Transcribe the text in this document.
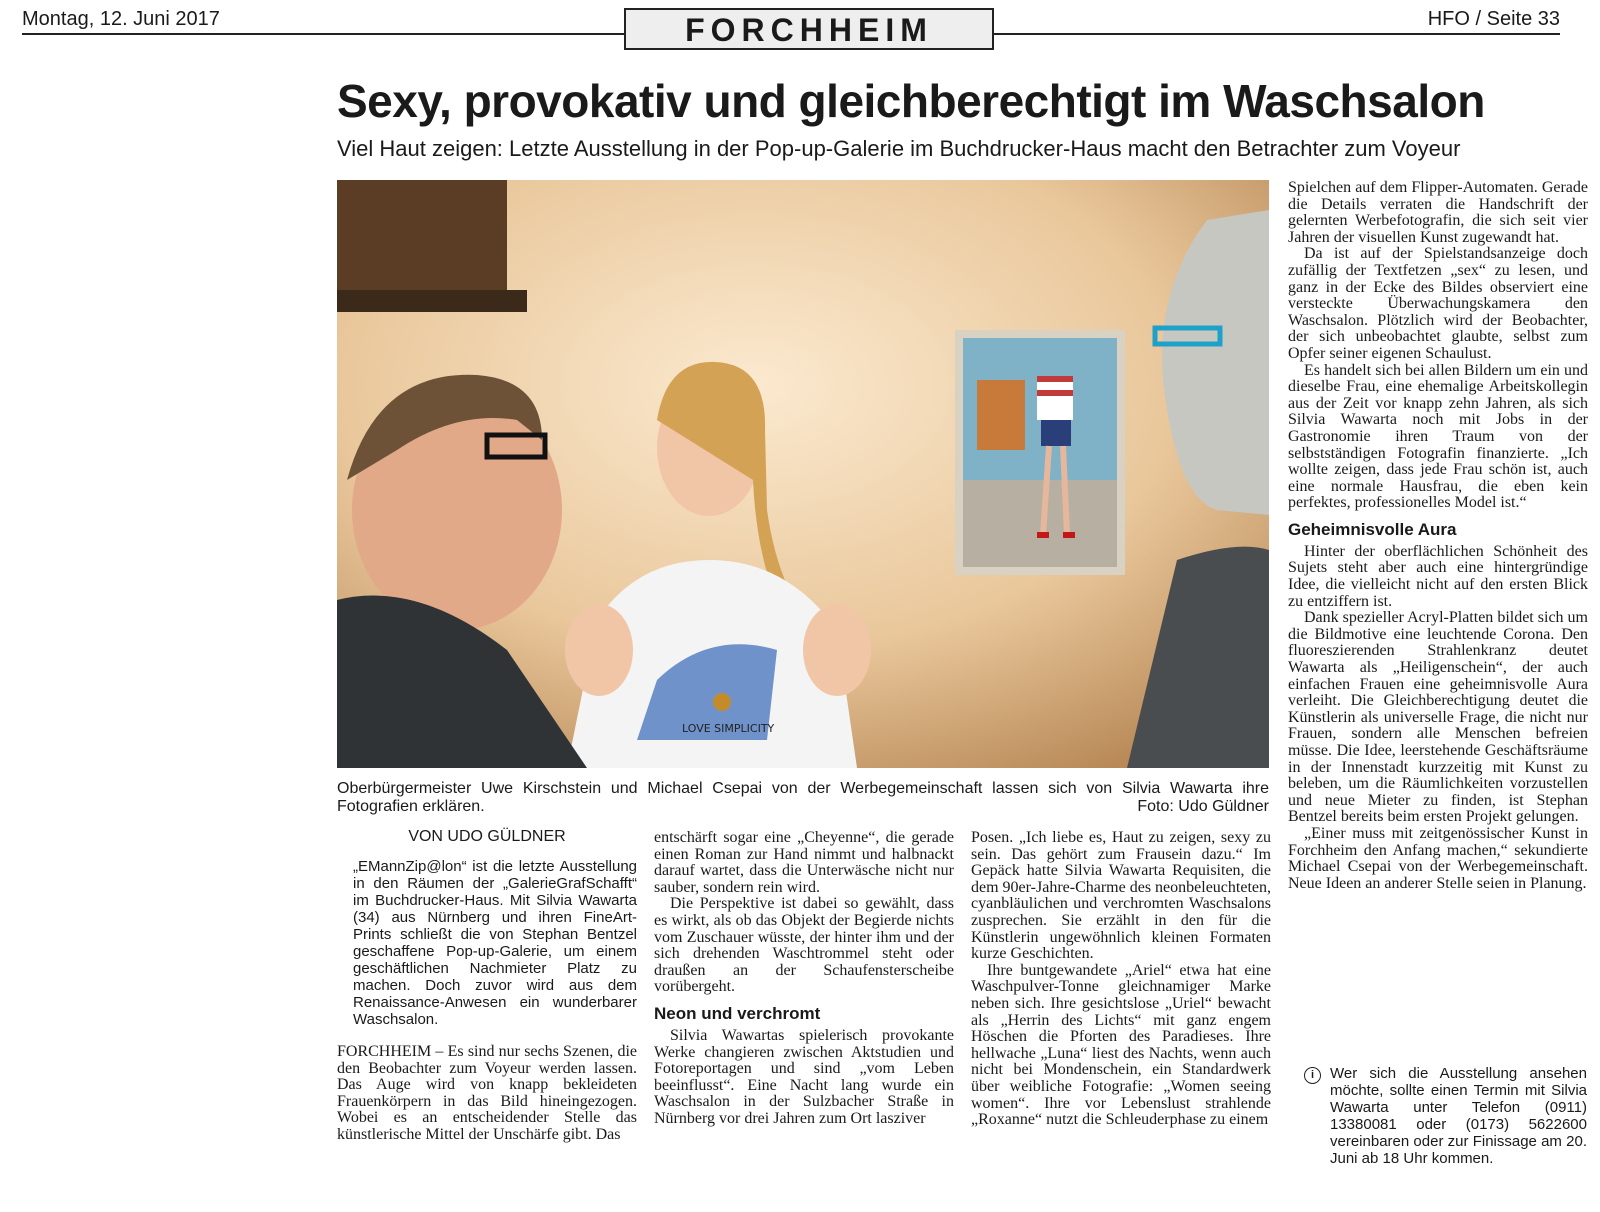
Montag, 12. Juni 2017	FORCHHEIM	HFO / Seite 33
Sexy, provokativ und gleichberechtigt im Waschsalon
Viel Haut zeigen: Letzte Ausstellung in der Pop-up-Galerie im Buchdrucker-Haus macht den Betrachter zum Voyeur
LOVE SIMPLICITY
Oberbürgermeister Uwe Kirschstein und Michael Csepai von der Werbegemeinschaft lassen sich von Silvia Wawarta ihre Fotografien erklären.	Foto: Udo Güldner
VON UDO GÜLDNER
„EMannZip@lon“ ist die letzte Ausstellung in den Räumen der „GalerieGrafSchafft“ im Buchdrucker-Haus. Mit Silvia Wawarta (34) aus Nürnberg und ihren FineArt-Prints schließt die von Stephan Bentzel geschaffene Pop-up-Galerie, um einem geschäftlichen Nachmieter Platz zu machen. Doch zuvor wird aus dem Renaissance-Anwesen ein wunderbarer Waschsalon.

FORCHHEIM – Es sind nur sechs Szenen, die den Beobachter zum Voyeur werden lassen. Das Auge wird von knapp bekleideten Frauenkörpern in das Bild hineingezogen. Wobei es an entscheidender Stelle das künstlerische Mittel der Unschärfe gibt. Das

entschärft sogar eine „Cheyenne“, die gerade einen Roman zur Hand nimmt und halbnackt darauf wartet, dass die Unterwäsche nicht nur sauber, sondern rein wird.

Die Perspektive ist dabei so gewählt, dass es wirkt, als ob das Objekt der Begierde nichts vom Zuschauer wüsste, der hinter ihm und der sich drehenden Waschtrommel steht oder draußen an der Schaufensterscheibe vorübergeht.

Neon und verchromt

Silvia Wawartas spielerisch provokante Werke changieren zwischen Aktstudien und Fotoreportagen und sind „vom Leben beeinflusst“. Eine Nacht lang wurde ein Waschsalon in der Sulzbacher Straße in Nürnberg vor drei Jahren zum Ort lasziver

Posen. „Ich liebe es, Haut zu zeigen, sexy zu sein. Das gehört zum Frausein dazu.“ Im Gepäck hatte Silvia Wawarta Requisiten, die dem 90er-Jahre-Charme des neonbeleuchteten, cyanbläulichen und verchromten Waschsalons zusprechen. Sie erzählt in den für die Künstlerin ungewöhnlich kleinen Formaten kurze Geschichten.

Ihre buntgewandete „Ariel“ etwa hat eine Waschpulver-Tonne gleichnamiger Marke neben sich. Ihre gesichtslose „Uriel“ bewacht als „Herrin des Lichts“ mit ganz engem Höschen die Pforten des Paradieses. Ihre hellwache „Luna“ liest des Nachts, wenn auch nicht bei Mondenschein, ein Standardwerk über weibliche Fotografie: „Women seeing women“. Ihre vor Lebenslust strahlende „Roxanne“ nutzt die Schleuderphase zu einem

Spielchen auf dem Flipper-Automaten. Gerade die Details verraten die Handschrift der gelernten Werbefotografin, die sich seit vier Jahren der visuellen Kunst zugewandt hat.

Da ist auf der Spielstandsanzeige doch zufällig der Textfetzen „sex“ zu lesen, und ganz in der Ecke des Bildes observiert eine versteckte Überwachungskamera den Waschsalon. Plötzlich wird der Beobachter, der sich unbeobachtet glaubte, selbst zum Opfer seiner eigenen Schaulust.

Es handelt sich bei allen Bildern um ein und dieselbe Frau, eine ehemalige Arbeitskollegin aus der Zeit vor knapp zehn Jahren, als sich Silvia Wawarta noch mit Jobs in der Gastronomie ihren Traum von der selbstständigen Fotografin finanzierte. „Ich wollte zeigen, dass jede Frau schön ist, auch eine normale Hausfrau, die eben kein perfektes, professionelles Model ist.“

Geheimnisvolle Aura

Hinter der oberflächlichen Schönheit des Sujets steht aber auch eine hintergründige Idee, die vielleicht nicht auf den ersten Blick zu entziffern ist.

Dank spezieller Acryl-Platten bildet sich um die Bildmotive eine leuchtende Corona. Den fluoreszierenden Strahlenkranz deutet Wawarta als „Heiligenschein“, der auch einfachen Frauen eine geheimnisvolle Aura verleiht. Die Gleichberechtigung deutet die Künstlerin als universelle Frage, die nicht nur Frauen, sondern alle Menschen befreien müsse. Die Idee, leerstehende Geschäftsräume in der Innenstadt kurzzeitig mit Kunst zu beleben, um die Räumlichkeiten vorzustellen und neue Mieter zu finden, ist Stephan Bentzel bereits beim ersten Projekt gelungen.

„Einer muss mit zeitgenössischer Kunst in Forchheim den Anfang machen,“ sekundierte Michael Csepai von der Werbegemeinschaft. Neue Ideen an anderer Stelle seien in Planung.

i	Wer sich die Ausstellung ansehen möchte, sollte einen Termin mit Silvia Wawarta unter Telefon (0911) 13380081 oder (0173) 5622600 vereinbaren oder zur Finissage am 20. Juni ab 18 Uhr kommen.
